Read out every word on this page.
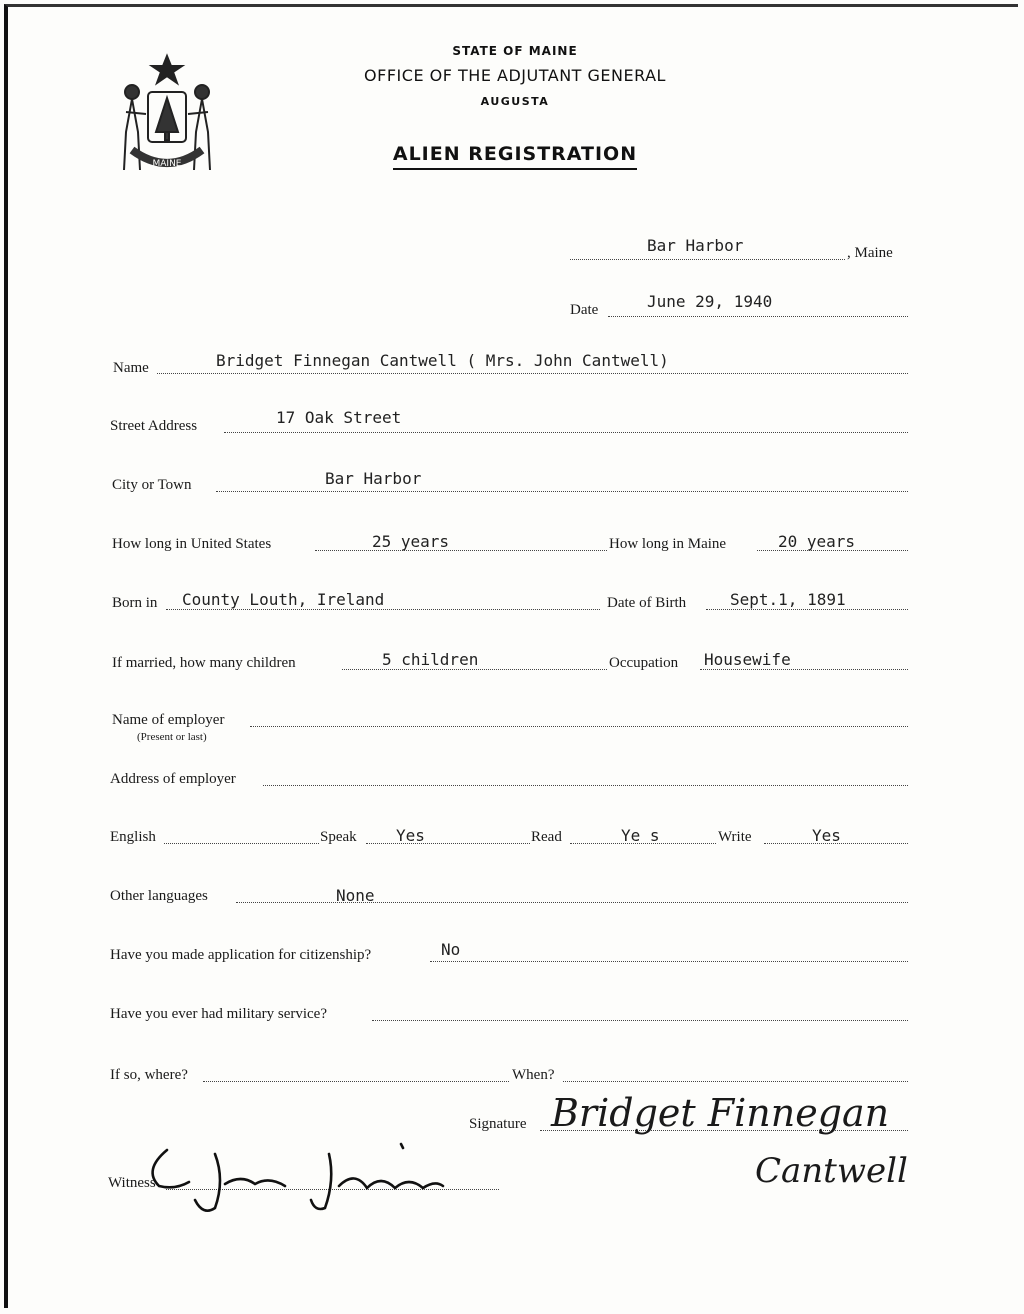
MAINE
STATE OF MAINE
OFFICE OF THE ADJUTANT GENERAL
AUGUSTA
ALIEN REGISTRATION
Bar Harbor	, Maine
Date	June 29, 1940
Name	Bridget Finnegan Cantwell ( Mrs. John Cantwell)
Street Address	17 Oak Street
City or Town	Bar Harbor
How long in United States	25 years	How long in Maine	20 years
Born in County Louth, Ireland	Date of Birth	Sept.1, 1891
If married, how many children	5 children	Occupation Housewife
Name of employer
(Present or last)
Address of employer
English	Speak Yes	Read	Ye s	Write	Yes
Other languages	None
Have you made application for citizenship?	No
Have you ever had military service?
If so, where?	When?
Signature Bridget Finnegan
Cantwell
Witness
